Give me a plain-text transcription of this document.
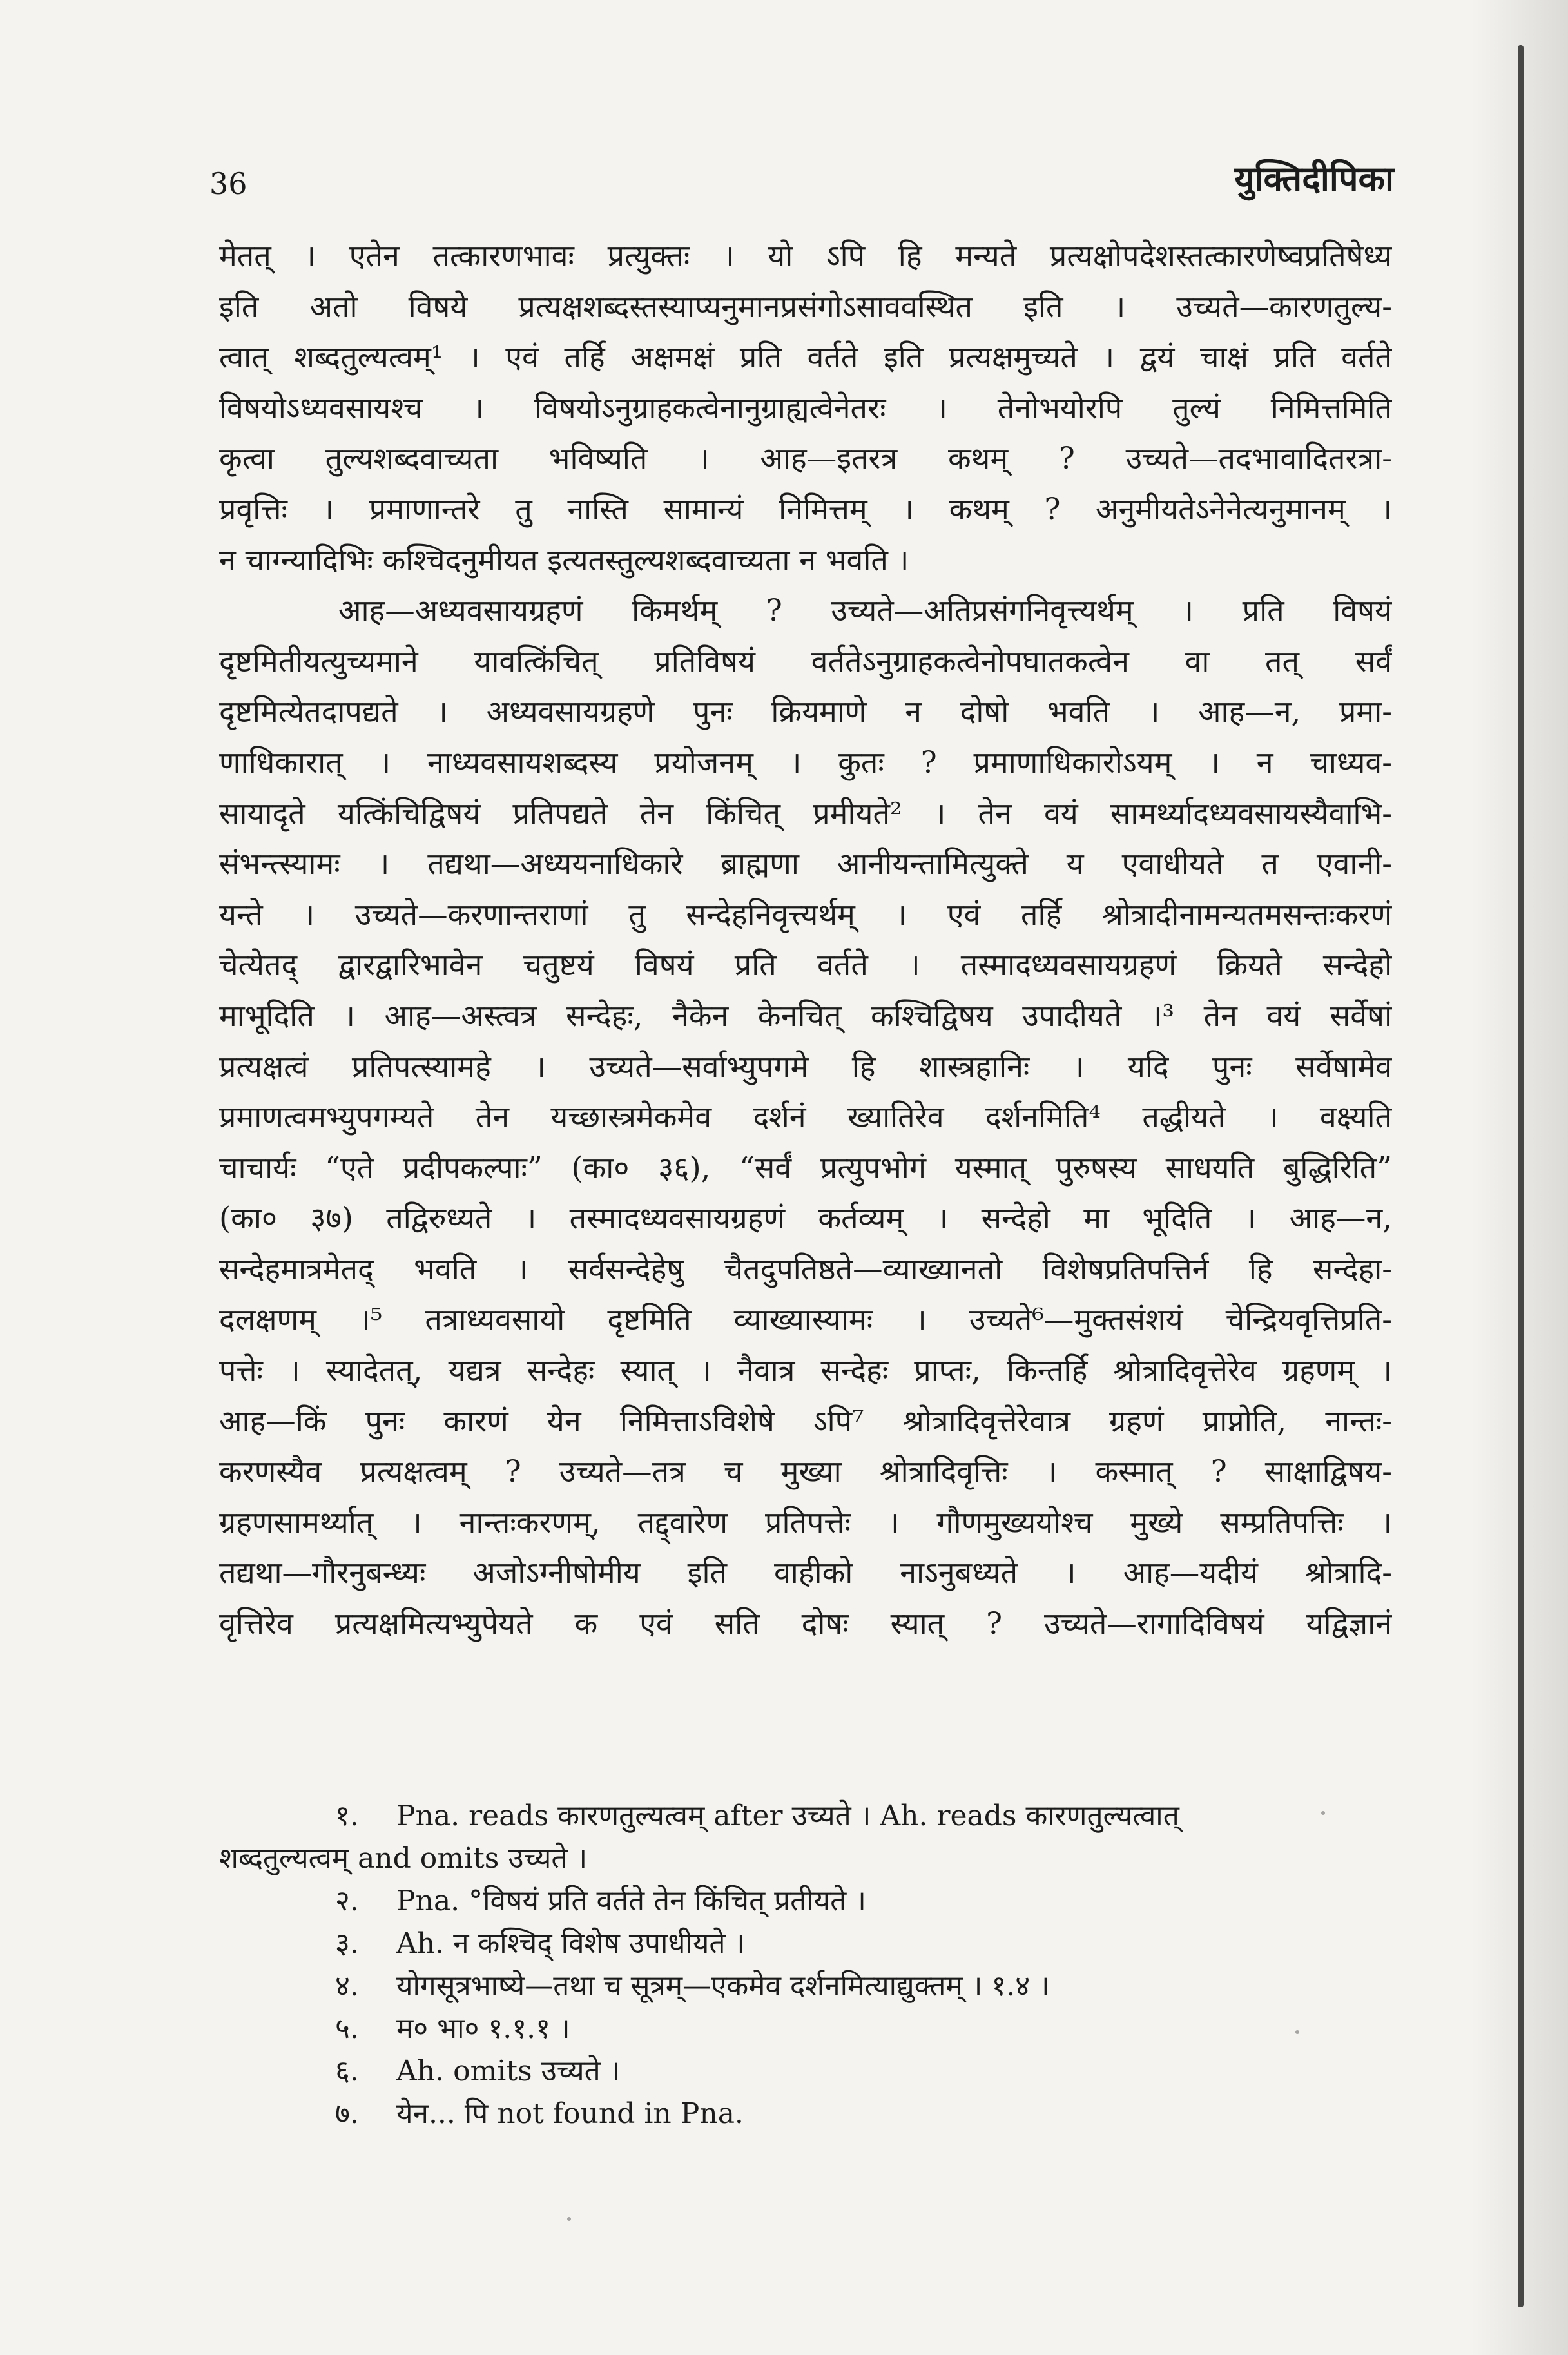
36	युक्तिदीपिका
मेतत् । एतेन तत्कारणभावः प्रत्युक्तः । यो ऽपि हि मन्यते प्रत्यक्षोपदेशस्तत्कारणेष्वप्रतिषेध्य
इति अतो विषये प्रत्यक्षशब्दस्तस्याप्यनुमानप्रसंगोऽसाववस्थित इति । उच्यते—कारणतुल्य-
त्वात् शब्दतुल्यत्वम्¹ । एवं तर्हि अक्षमक्षं प्रति वर्तते इति प्रत्यक्षमुच्यते । द्वयं चाक्षं प्रति वर्तते
विषयोऽध्यवसायश्च । विषयोऽनुग्राहकत्वेनानुग्राह्यत्वेनेतरः । तेनोभयोरपि तुल्यं निमित्तमिति
कृत्वा तुल्यशब्दवाच्यता भविष्यति । आह—इतरत्र कथम् ? उच्यते—तदभावादितरत्रा-
प्रवृत्तिः । प्रमाणान्तरे तु नास्ति सामान्यं निमित्तम् । कथम् ? अनुमीयतेऽनेनेत्यनुमानम् ।
न चाग्न्यादिभिः कश्चिदनुमीयत इत्यतस्तुल्यशब्दवाच्यता न भवति ।
आह—अध्यवसायग्रहणं किमर्थम् ? उच्यते—अतिप्रसंगनिवृत्त्यर्थम् । प्रति विषयं
दृष्टमितीयत्युच्यमाने यावत्किंचित् प्रतिविषयं वर्ततेऽनुग्राहकत्वेनोपघातकत्वेन वा तत् सर्वं
दृष्टमित्येतदापद्यते । अध्यवसायग्रहणे पुनः क्रियमाणे न दोषो भवति । आह—न, प्रमा-
णाधिकारात् । नाध्यवसायशब्दस्य प्रयोजनम् । कुतः ? प्रमाणाधिकारोऽयम् । न चाध्यव-
सायादृते यत्किंचिद्विषयं प्रतिपद्यते तेन किंचित् प्रमीयते² । तेन वयं सामर्थ्यादध्यवसायस्यैवाभि-
संभन्त्स्यामः । तद्यथा—अध्ययनाधिकारे ब्राह्मणा आनीयन्तामित्युक्ते य एवाधीयते त एवानी-
यन्ते । उच्यते—करणान्तराणां तु सन्देहनिवृत्त्यर्थम् । एवं तर्हि श्रोत्रादीनामन्यतमसन्तःकरणं
चेत्येतद् द्वारद्वारिभावेन चतुष्टयं विषयं प्रति वर्तते । तस्मादध्यवसायग्रहणं क्रियते सन्देहो
माभूदिति । आह—अस्त्वत्र सन्देहः, नैकेन केनचित् कश्चिद्विषय उपादीयते ।³ तेन वयं सर्वेषां
प्रत्यक्षत्वं प्रतिपत्स्यामहे । उच्यते—सर्वाभ्युपगमे हि शास्त्रहानिः । यदि पुनः सर्वेषामेव
प्रमाणत्वमभ्युपगम्यते तेन यच्छास्त्रमेकमेव दर्शनं ख्यातिरेव दर्शनमिति⁴ तद्धीयते । वक्ष्यति
चाचार्यः “एते प्रदीपकल्पाः” (का० ३६), “सर्वं प्रत्युपभोगं यस्मात् पुरुषस्य साधयति बुद्धिरिति”
(का० ३७) तद्विरुध्यते । तस्मादध्यवसायग्रहणं कर्तव्यम् । सन्देहो मा भूदिति । आह—न,
सन्देहमात्रमेतद् भवति । सर्वसन्देहेषु चैतदुपतिष्ठते—व्याख्यानतो विशेषप्रतिपत्तिर्न हि सन्देहा-
दलक्षणम् ।⁵ तत्राध्यवसायो दृष्टमिति व्याख्यास्यामः । उच्यते⁶—मुक्तसंशयं चेन्द्रियवृत्तिप्रति-
पत्तेः । स्यादेतत्, यद्यत्र सन्देहः स्यात् । नैवात्र सन्देहः प्राप्तः, किन्तर्हि श्रोत्रादिवृत्तेरेव ग्रहणम् ।
आह—किं पुनः कारणं येन निमित्ताऽविशेषे ऽपि⁷ श्रोत्रादिवृत्तेरेवात्र ग्रहणं प्राप्नोति, नान्तः-
करणस्यैव प्रत्यक्षत्वम् ? उच्यते—तत्र च मुख्या श्रोत्रादिवृत्तिः । कस्मात् ? साक्षाद्विषय-
ग्रहणसामर्थ्यात् । नान्तःकरणम्, तद्द्वारेण प्रतिपत्तेः । गौणमुख्ययोश्च मुख्ये सम्प्रतिपत्तिः ।
तद्यथा—गौरनुबन्ध्यः अजोऽग्नीषोमीय इति वाहीको नाऽनुबध्यते । आह—यदीयं श्रोत्रादि-
वृत्तिरेव प्रत्यक्षमित्यभ्युपेयते क एवं सति दोषः स्यात् ? उच्यते—रागादिविषयं यद्विज्ञानं
१. Pna. reads कारणतुल्यत्वम् after उच्यते । Ah. reads कारणतुल्यत्वात्
शब्दतुल्यत्वम् and omits उच्यते ।
२. Pna. °विषयं प्रति वर्तते तेन किंचित् प्रतीयते ।
३. Ah. न कश्चिद् विशेष उपाधीयते ।
४. योगसूत्रभाष्ये—तथा च सूत्रम्—एकमेव दर्शनमित्याद्युक्तम् । १.४ ।
५. म० भा० १.१.१ ।
६. Ah. omits उच्यते ।
७. येन... पि not found in Pna.
